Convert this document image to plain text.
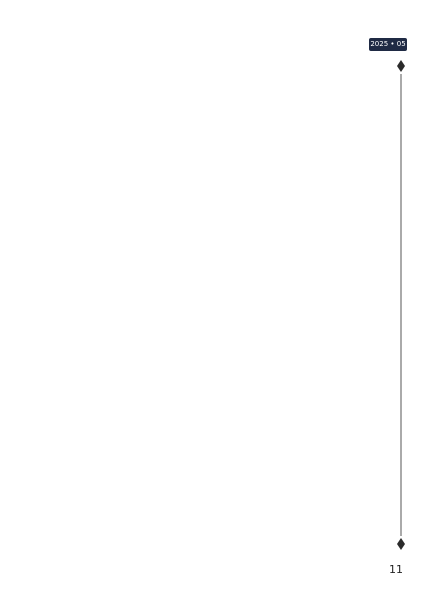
2025 • 05
11
